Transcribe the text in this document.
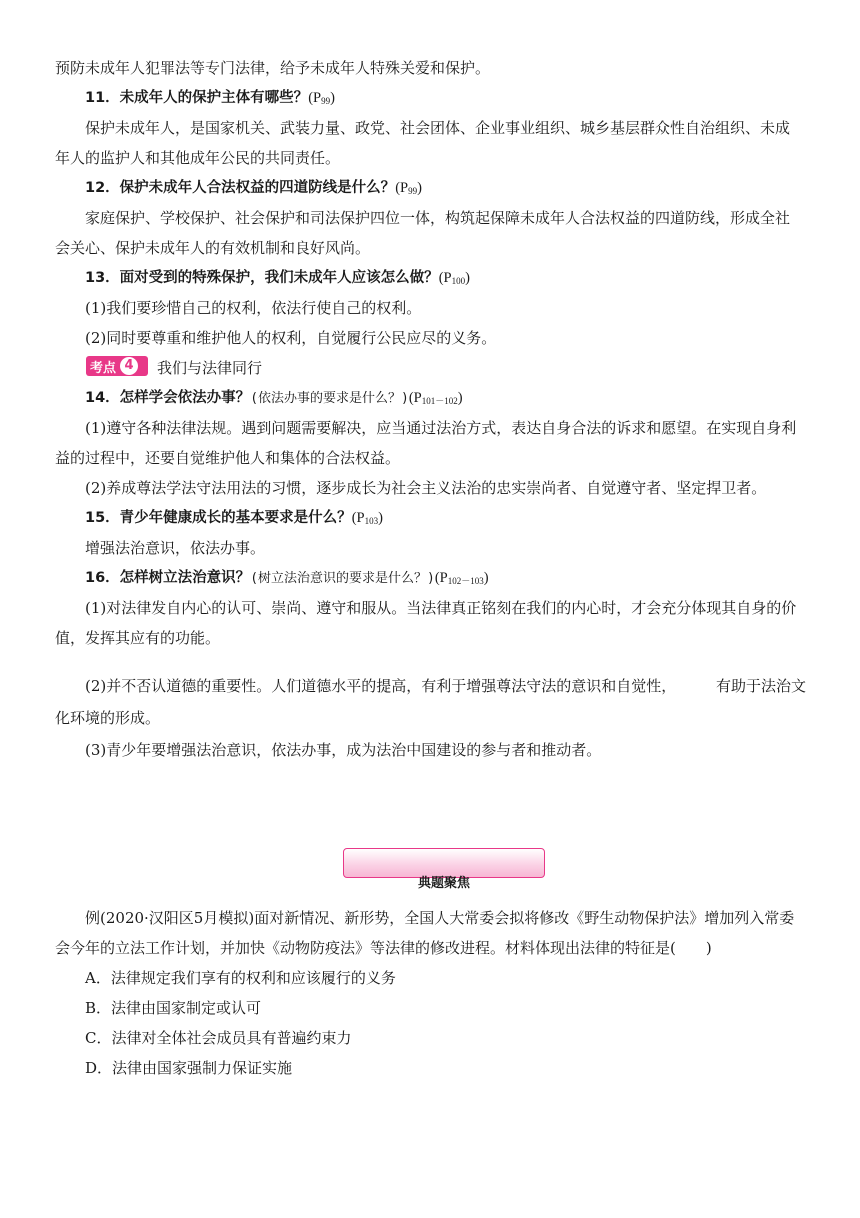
预防未成年人犯罪法等专门法律，给予未成年人特殊关爱和保护。
11．未成年人的保护主体有哪些？$(P_{99})$
保护未成年人，是国家机关、武装力量、政党、社会团体、企业事业组织、城乡基层群众性自治组织、未成
年人的监护人和其他成年公民的共同责任。
12．保护未成年人合法权益的四道防线是什么？$(P_{99})$
家庭保护、学校保护、社会保护和司法保护四位一体，构筑起保障未成年人合法权益的四道防线，形成全社
会关心、保护未成年人的有效机制和良好风尚。
13．面对受到的特殊保护，我们未成年人应该怎么做？$(P_{100})$
(1)我们要珍惜自己的权利，依法行使自己的权利。
(2)同时要尊重和维护他人的权利，自觉履行公民应尽的义务。
考点 4 我们与法律同行
14．怎样学会依法办事？(依法办事的要求是什么？)$(P_{101-102})$
(1)遵守各种法律法规。遇到问题需要解决，应当通过法治方式，表达自身合法的诉求和愿望。在实现自身利
益的过程中，还要自觉维护他人和集体的合法权益。
(2)养成尊法学法守法用法的习惯，逐步成长为社会主义法治的忠实崇尚者、自觉遵守者、坚定捍卫者。
15．青少年健康成长的基本要求是什么？$(P_{103})$
增强法治意识，依法办事。
16．怎样树立法治意识？(树立法治意识的要求是什么？)$(P_{102-103})$
(1)对法律发自内心的认可、崇尚、遵守和服从。当法律真正铭刻在我们的内心时，才会充分体现其自身的价
值，发挥其应有的功能。
(2)并不否认道德的重要性。人们道德水平的提高，有利于增强尊法守法的意识和自觉性，	有助于法治文
化环境的形成。
(3)青少年要增强法治意识，依法办事，成为法治中国建设的参与者和推动者。
典题聚焦
例(2020·汉阳区5月模拟)面对新情况、新形势，全国人大常委会拟将修改《野生动物保护法》增加列入常委
会今年的立法工作计划，并加快《动物防疫法》等法律的修改进程。材料体现出法律的特征是(　　)
A．法律规定我们享有的权利和应该履行的义务
B．法律由国家制定或认可
C．法律对全体社会成员具有普遍约束力
D．法律由国家强制力保证实施
